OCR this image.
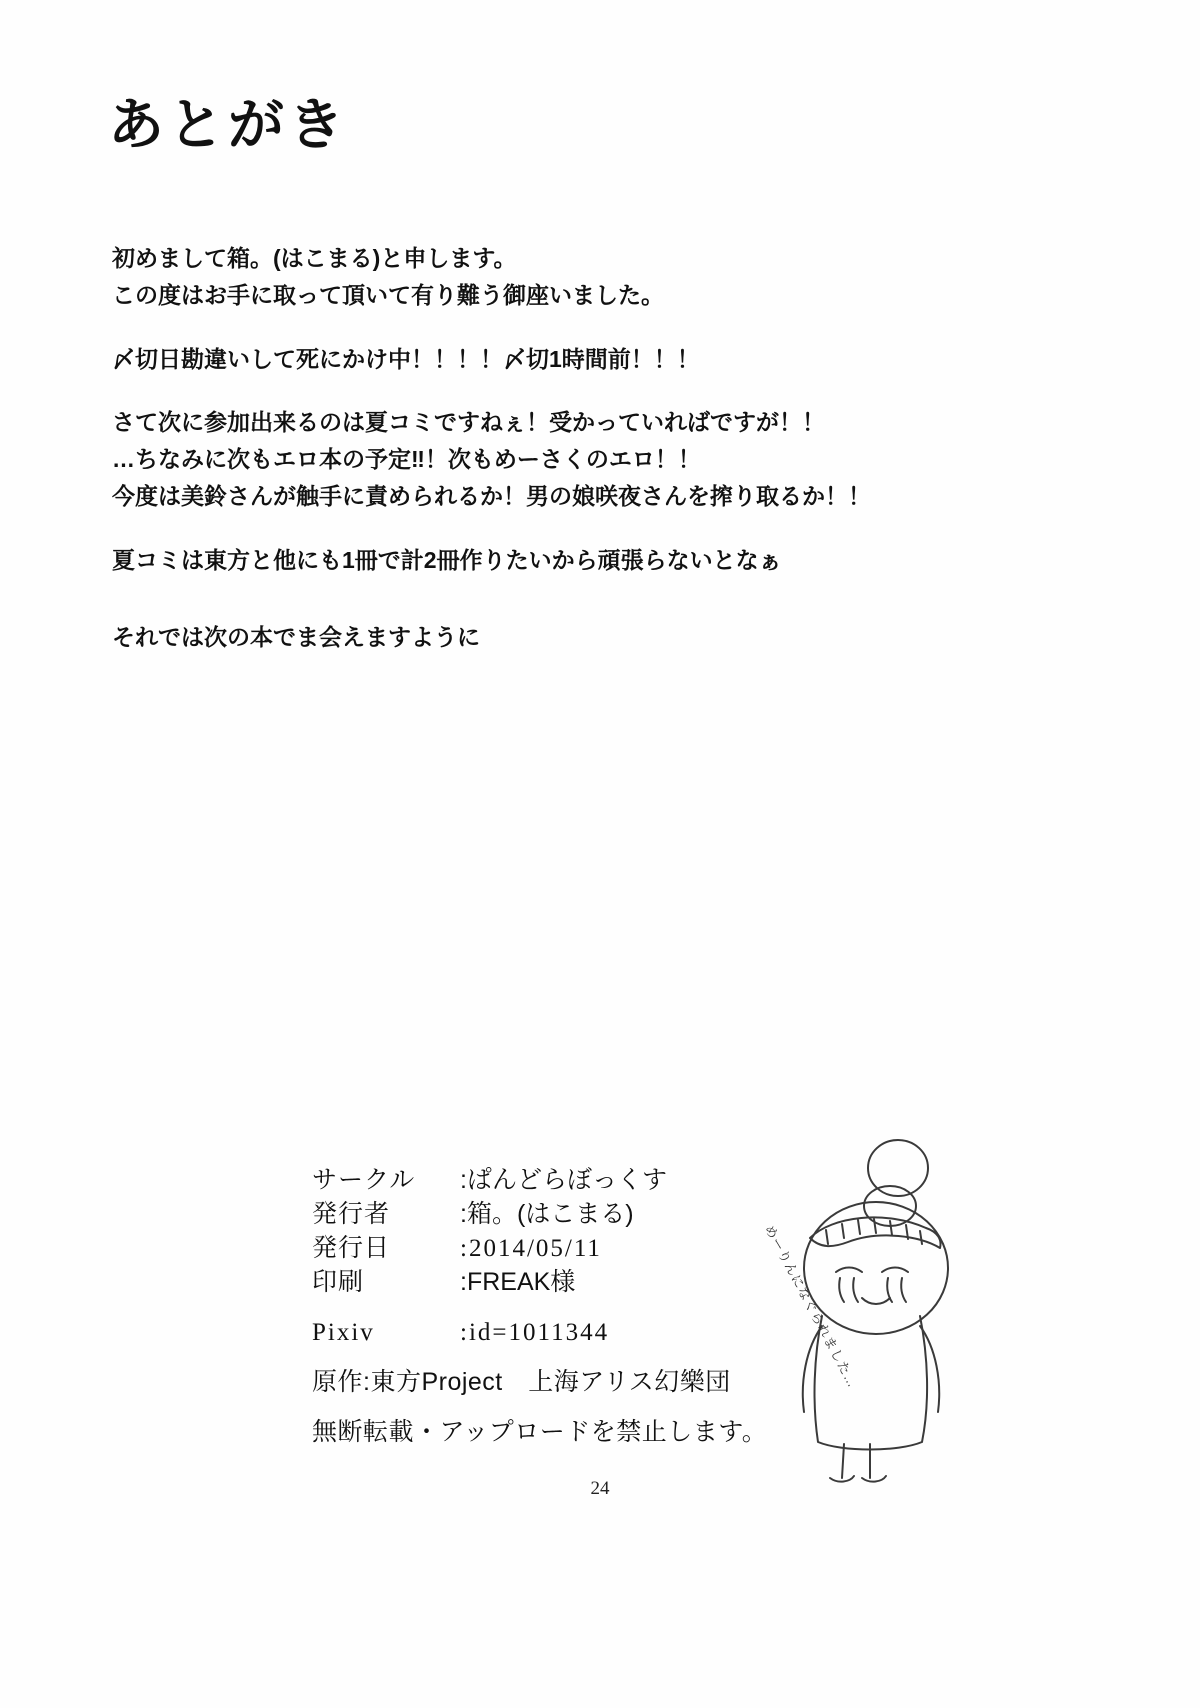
あとがき
初めまして箱。(はこまる)と申します。
この度はお手に取って頂いて有り難う御座いました。
〆切日勘違いして死にかけ中！！！！〆切1時間前！！！
さて次に参加出来るのは夏コミですねぇ！受かっていればですが！！
…ちなみに次もエロ本の予定‼！次もめーさくのエロ！！
今度は美鈴さんが触手に責められるか！男の娘咲夜さんを搾り取るか！！
夏コミは東方と他にも1冊で計2冊作りたいから頑張らないとなぁ
それでは次の本でま会えますように
サークル	:ぱんどらぼっくす
発行者	:箱。(はこまる)
発行日	:2014/05/11
印刷	:FREAK様
Pixiv	:id=1011344
原作:東方Project　上海アリス幻樂団
無断転載・アップロードを禁止します。
めーりんになぐられました…
24
